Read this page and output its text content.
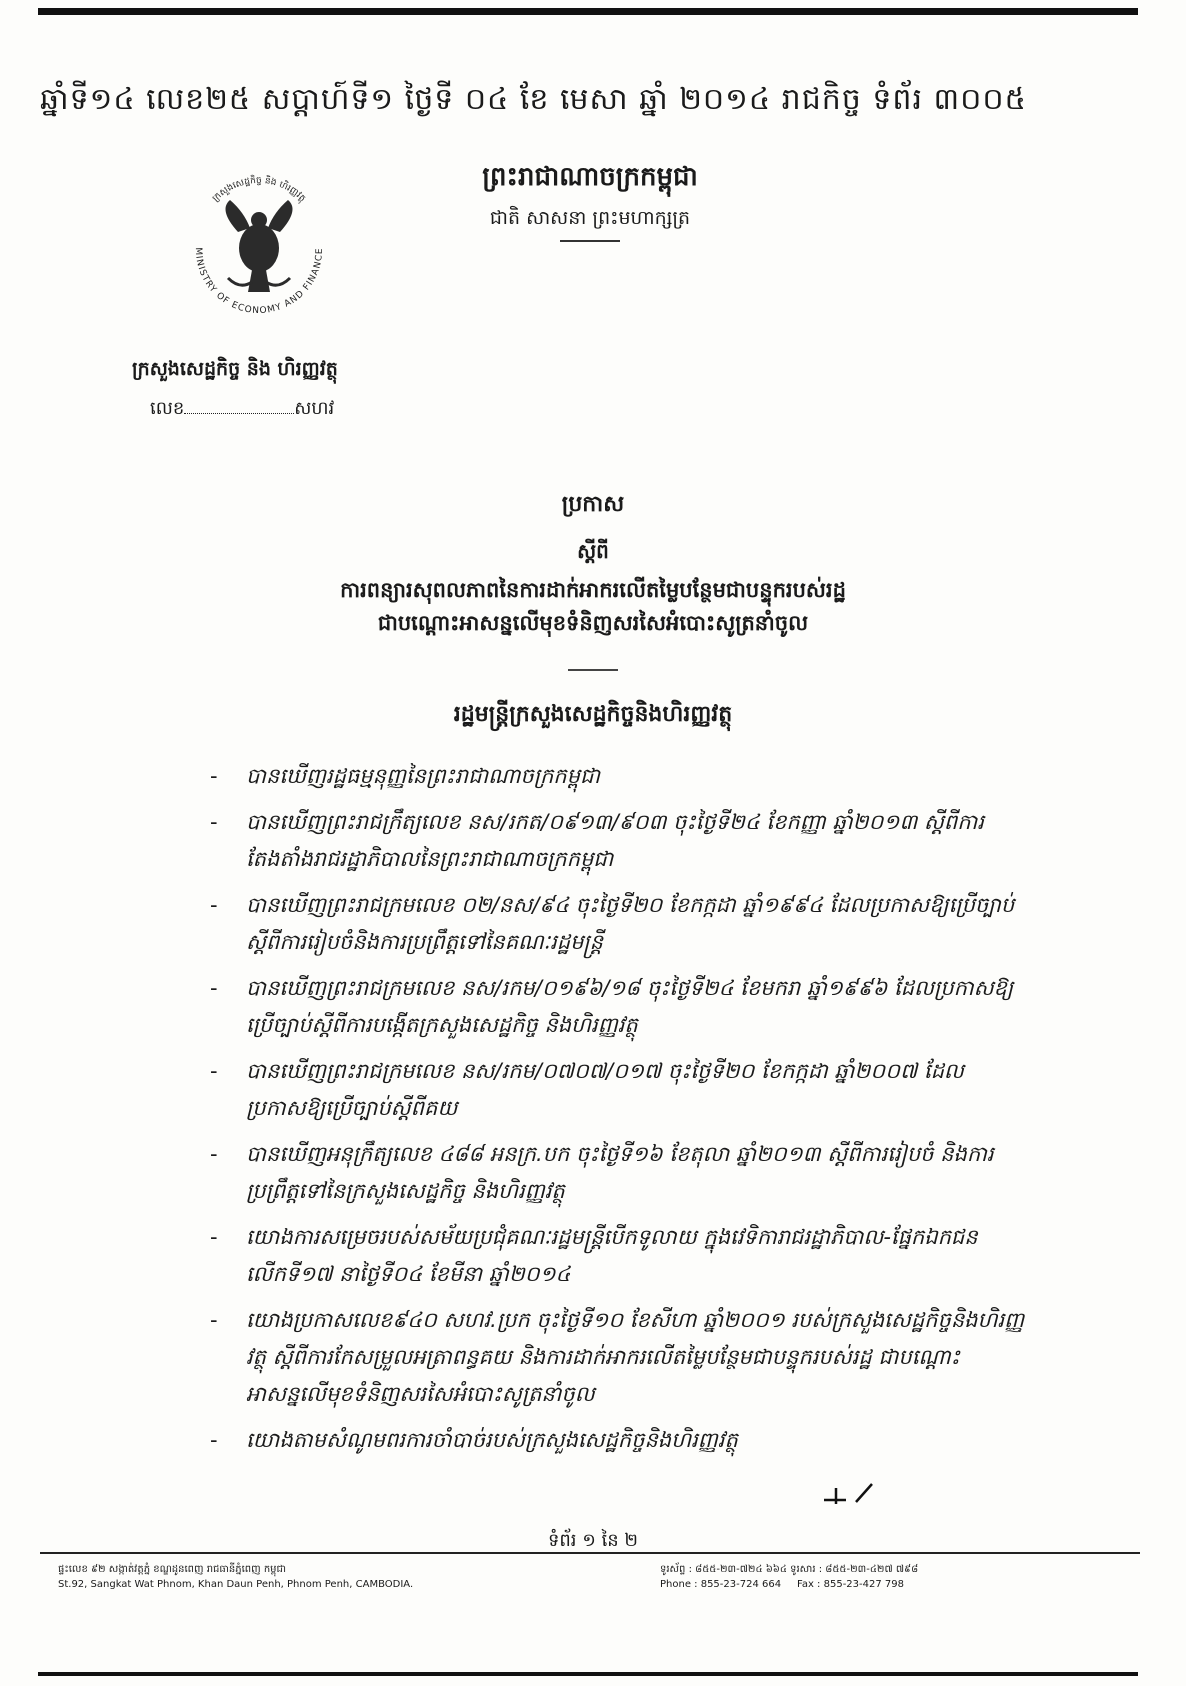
ឆ្នាំទី១៤ លេខ២៥ សប្តាហ៍ទី១ ថ្ងៃទី ០៤ ខែ មេសា ឆ្នាំ ២០១៤ រាជកិច្ច ទំព័រ ៣០០៥
ព្រះរាជាណាចក្រកម្ពុជា
ជាតិ សាសនា ព្រះមហាក្សត្រ
MINISTRY OF ECONOMY AND FINANCE
ក្រសួងសេដ្ឋកិច្ច និង ហិរញ្ញវត្ថុ
ក្រសួងសេដ្ឋកិច្ច និង ហិរញ្ញវត្ថុ
លេខ	សហវ
ប្រកាស
ស្តីពី
ការពន្យារសុពលភាពនៃការដាក់អាករលើតម្លៃបន្ថែមជាបន្ទុករបស់រដ្ឋ
ជាបណ្តោះអាសន្នលើមុខទំនិញសរសៃអំបោះសូត្រនាំចូល
រដ្ឋមន្ត្រីក្រសួងសេដ្ឋកិច្ចនិងហិរញ្ញវត្ថុ
-	បានឃើញរដ្ឋធម្មនុញ្ញនៃព្រះរាជាណាចក្រកម្ពុជា
-	បានឃើញព្រះរាជក្រឹត្យលេខ នស/រកត/០៩១៣/៩០៣ ចុះថ្ងៃទី២៤ ខែកញ្ញា ឆ្នាំ២០១៣ ស្តីពីការតែងតាំងរាជរដ្ឋាភិបាលនៃព្រះរាជាណាចក្រកម្ពុជា
-	បានឃើញព្រះរាជក្រមលេខ ០២/នស/៩៤ ចុះថ្ងៃទី២០ ខែកក្កដា ឆ្នាំ១៩៩៤ ដែលប្រកាសឱ្យប្រើច្បាប់ស្តីពីការរៀបចំនិងការប្រព្រឹត្តទៅនៃគណៈរដ្ឋមន្ត្រី
-	បានឃើញព្រះរាជក្រមលេខ នស/រកម/០១៩៦/១៨ ចុះថ្ងៃទី២៤ ខែមករា ឆ្នាំ១៩៩៦ ដែលប្រកាសឱ្យប្រើច្បាប់ស្តីពីការបង្កើតក្រសួងសេដ្ឋកិច្ច និងហិរញ្ញវត្ថុ
-	បានឃើញព្រះរាជក្រមលេខ នស/រកម/០៧០៧/០១៧ ចុះថ្ងៃទី២០ ខែកក្កដា ឆ្នាំ២០០៧ ដែលប្រកាសឱ្យប្រើច្បាប់ស្តីពីគយ
-	បានឃើញអនុក្រឹត្យលេខ ៤៨៨ អនក្រ.បក ចុះថ្ងៃទី១៦ ខែតុលា ឆ្នាំ២០១៣ ស្តីពីការរៀបចំ និងការប្រព្រឹត្តទៅនៃក្រសួងសេដ្ឋកិច្ច និងហិរញ្ញវត្ថុ
-	យោងការសម្រេចរបស់សម័យប្រជុំគណៈរដ្ឋមន្ត្រីបើកទូលាយ ក្នុងវេទិការាជរដ្ឋាភិបាល-ផ្នែកឯកជនលើកទី១៧ នាថ្ងៃទី០៤ ខែមីនា ឆ្នាំ២០១៤
-	យោងប្រកាសលេខ៩៤០ សហវ.ប្រក ចុះថ្ងៃទី១០ ខែសីហា ឆ្នាំ២០០១ របស់ក្រសួងសេដ្ឋកិច្ចនិងហិរញ្ញវត្ថុ ស្តីពីការកែសម្រួលអត្រាពន្ធគយ និងការដាក់អាករលើតម្លៃបន្ថែមជាបន្ទុករបស់រដ្ឋ ជាបណ្តោះអាសន្នលើមុខទំនិញសរសៃអំបោះសូត្រនាំចូល
-	យោងតាមសំណូមពរការចាំបាច់របស់ក្រសួងសេដ្ឋកិច្ចនិងហិរញ្ញវត្ថុ
ទំព័រ ១ នៃ ២
ផ្ទះលេខ ៩២ សង្កាត់វត្តភ្នំ ខណ្ឌដូនពេញ រាជធានីភ្នំពេញ កម្ពុជា
St.92, Sangkat Wat Phnom, Khan Daun Penh, Phnom Penh, CAMBODIA.
ទូរស័ព្ទ : ៨៥៥-២៣-៧២៤ ៦៦៤ ទូរសារ : ៨៥៥-២៣-៤២៧ ៧៩៨
Phone : 855-23-724 664 Fax : 855-23-427 798
